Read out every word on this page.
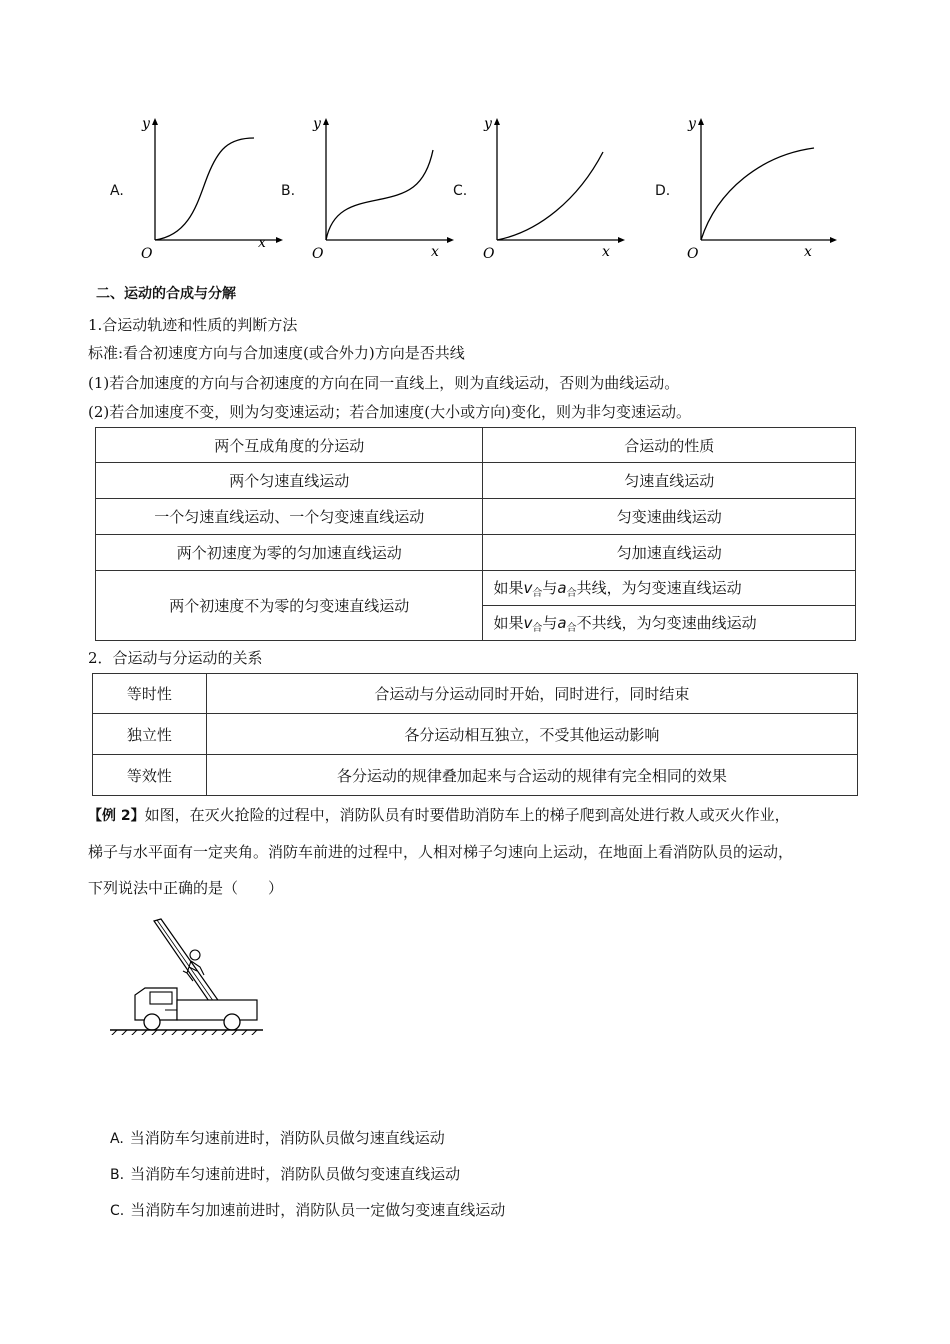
A.	B.	C.	D.
y
x
O
y
x
O
y
x
O
y
x
O
二、运动的合成与分解
1.合运动轨迹和性质的判断方法
标准:看合初速度方向与合加速度(或合外力)方向是否共线
(1)若合加速度的方向与合初速度的方向在同一直线上，则为直线运动，否则为曲线运动。
(2)若合加速度不变，则为匀变速运动；若合加速度(大小或方向)变化，则为非匀变速运动。
两个互成角度的分运动	合运动的性质
两个匀速直线运动	匀速直线运动
一个匀速直线运动、一个匀变速直线运动	匀变速曲线运动
两个初速度为零的匀加速直线运动	匀加速直线运动
两个初速度不为零的匀变速直线运动	如果$v_合$与$a_合$共线，为匀变速直线运动
	如果$v_合$与$a_合$不共线，为匀变速曲线运动
2．合运动与分运动的关系
等时性	合运动与分运动同时开始，同时进行，同时结束
独立性	各分运动相互独立，不受其他运动影响
等效性	各分运动的规律叠加起来与合运动的规律有完全相同的效果
【例 2】如图，在灭火抢险的过程中，消防队员有时要借助消防车上的梯子爬到高处进行救人或灭火作业，
梯子与水平面有一定夹角。消防车前进的过程中，人相对梯子匀速向上运动，在地面上看消防队员的运动，
下列说法中正确的是（　　）
A. 当消防车匀速前进时，消防队员做匀速直线运动
B. 当消防车匀速前进时，消防队员做匀变速直线运动
C. 当消防车匀加速前进时，消防队员一定做匀变速直线运动
